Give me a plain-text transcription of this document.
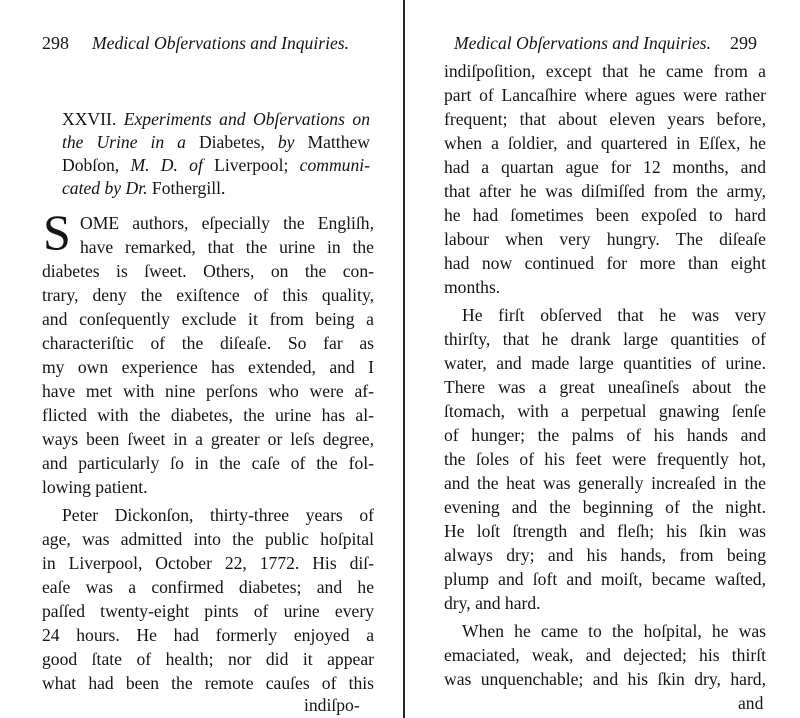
298 Medical Obſervations and Inquiries.
XXVII. Experiments and Obſervations on
the Urine in a Diabetes, by Matthew
Dobſon, M. D. of Liverpool; communi-
cated by Dr. Fothergill.
S OME authors, eſpecially the Engliſh,
have remarked, that the urine in the
diabetes is ſweet. Others, on the con-
trary, deny the exiſtence of this quality,
and conſequently exclude it from being a
characteriſtic of the diſeaſe. So far as
my own experience has extended, and I
have met with nine perſons who were af-
flicted with the diabetes, the urine has al-
ways been ſweet in a greater or leſs degree,
and particularly ſo in the caſe of the fol-
lowing patient.
Peter Dickonſon, thirty-three years of
age, was admitted into the public hoſpital
in Liverpool, October 22, 1772. His diſ-
eaſe was a confirmed diabetes; and he
paſſed twenty-eight pints of urine every
24 hours. He had formerly enjoyed a
good ſtate of health; nor did it appear
what had been the remote cauſes of this
indiſpo-
Medical Obſervations and Inquiries. 299
indiſpoſition, except that he came from a
part of Lancaſhire where agues were rather
frequent; that about eleven years before,
when a ſoldier, and quartered in Eſſex, he
had a quartan ague for 12 months, and
that after he was diſmiſſed from the army,
he had ſometimes been expoſed to hard
labour when very hungry. The diſeaſe
had now continued for more than eight
months.
He firſt obſerved that he was very
thirſty, that he drank large quantities of
water, and made large quantities of urine.
There was a great uneaſineſs about the
ſtomach, with a perpetual gnawing ſenſe
of hunger; the palms of his hands and
the ſoles of his feet were frequently hot,
and the heat was generally increaſed in the
evening and the beginning of the night.
He loſt ſtrength and fleſh; his ſkin was
always dry; and his hands, from being
plump and ſoft and moiſt, became waſted,
dry, and hard.
When he came to the hoſpital, he was
emaciated, weak, and dejected; his thirſt
was unquenchable; and his ſkin dry, hard,
and
